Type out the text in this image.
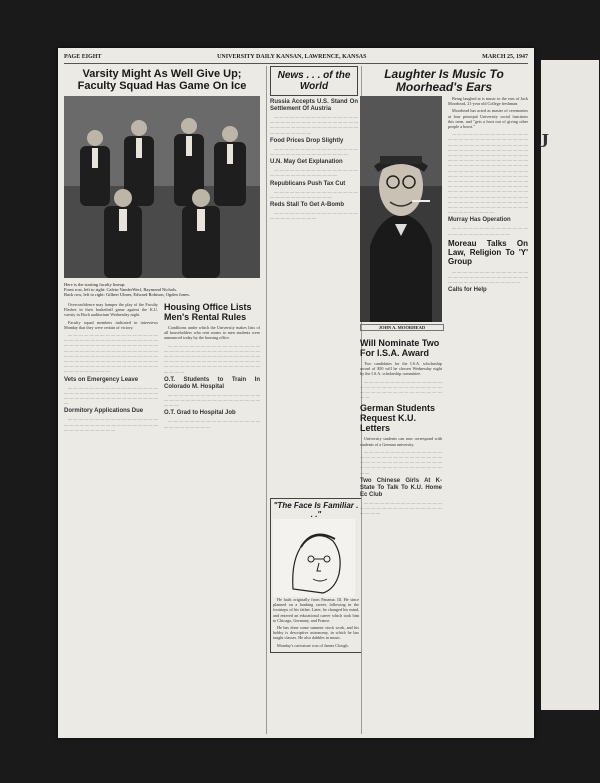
J
PAGE EIGHT	UNIVERSITY DAILY KANSAN, LAWRENCE, KANSAS	MARCH 25, 1947
Varsity Might As Well Give Up; Faculty Squad Has Game On Ice
Here is the starting faculty lineup:
Front row, left to right: Calvin VanderWerf, Raymond Nichols.
Back row, left to right: Gilbert Ulmer, Edward Robison, Ogden Jones.

Overconfidence may hamper the play of the Faculty Flashes in their basketball game against the K.U. varsity in Hoch auditorium Wednesday night.

Faculty squad members indicated in interviews Monday that they were certain of victory.

— — — — — — — — — — — — — — — — — — — — — — — — — — — — — — — — — — — — — — — — — — — — — — — — — — — — — — — — — — — — — — — — — — — — — — — — — — — — — — — — — — — — — — — — — — — — — — — — — — — — — — — — — — — — — — — — — — — — — — — — — — — — — — — — — — — — — —

Vets on Emergency Leave

— — — — — — — — — — — — — — — — — — — — — — — — — — — — — — — — — — — — — — — — — — — — — — — — — — — — — —

Dormitory Applications Due

— — — — — — — — — — — — — — — — — — — — — — — — — — — — — — — — — — — — — — — — — — — — —

Housing Office Lists Men's Rental Rules

Conditions under which the University makes lists of all householders who rent rooms to men students were announced today by the housing office.

— — — — — — — — — — — — — — — — — — — — — — — — — — — — — — — — — — — — — — — — — — — — — — — — — — — — — — — — — — — — — — — — — — — — — — — — — — — — — — — — — — — — — — — — — — — — —

O.T. Students to Train In Colorado M. Hospital

— — — — — — — — — — — — — — — — — — — — — — — — — — — — — — — — — — — — — —

O.T. Grad to Hospital Job

— — — — — — — — — — — — — — — — — — — — — — — — — —

News . . . of the World
Russia Accepts U.S. Stand On Settlement Of Austria

— — — — — — — — — — — — — — — — — — — — — — — — — — — — — — — — — — — — — — — — — — — — — — — — — — — — — — — — — —

Food Prices Drop Slightly

— — — — — — — — — — — — — — — — — — — — — — — — — — — — — — —

U.N. May Get Explanation

— — — — — — — — — — — — — — — — — — — — — — — — — — — — —

Republicans Push Tax Cut

— — — — — — — — — — — — — — — — — — — — — — — — — — — —

Reds Stall To Get A-Bomb

— — — — — — — — — — — — — — — — — — — — — — — — —

"The Face Is Familiar . . ."

He hails originally from Panama. Ill. He since planned on a banking career, following in the footsteps of his father. Later, he changed his mind, and entered an educational career which took him to Chicago, Germany, and France.

He has done some summer stock work, and his hobby is descriptive astronomy, in which he has taught classes. He also dabbles in music.

Monday's caricature was of James Clough.

Laughter Is Music To Moorhead's Ears
JOHN A. MOORHEAD

Being laughed at is music to the ears of Jack Moorhead, 21-year old College freshman.

Moorhead has acted as master of ceremonies at four principal University social functions this term, and "gets a boot out of giving other people a boost."

— — — — — — — — — — — — — — — — — — — — — — — — — — — — — — — — — — — — — — — — — — — — — — — — — — — — — — — — — — — — — — — — — — — — — — — — — — — — — — — — — — — — — — — — — — — — — — — — — — — — — — — — — — — — — — — — — — — — — — — — — — — — — — — — — — — — — — — — — — — — — — — — — — — — — — — — — — — — — — — — — — — — — — — — — — — — — — — — — — — — — — — — — — — — — — — — — — — — — — — — — — — — — — — — — — — — — — — — — — — — — — — — — — — — — — — — —

Murray Has Operation

— — — — — — — — — — — — — — — — — — — — — — — — — —

Moreau Talks On Law, Religion To 'Y' Group

— — — — — — — — — — — — — — — — — — — — — — — — — — — — — — — — — — — — — — — — — — —

Calls for Help
Will Nominate Two For I.S.A. Award

Two candidates for the I.S.A. scholarship award of $50 will be chosen Wednesday night by the I.S.A. scholarship committee.

— — — — — — — — — — — — — — — — — — — — — — — — — — — — — — — — — — — — — — — — — — — — — — —

German Students Request K.U. Letters

University students can now correspond with students of a German university.

— — — — — — — — — — — — — — — — — — — — — — — — — — — — — — — — — — — — — — — — — — — — — — — — — — — — — — — — — — — — — —

Two Chinese Girls At K-State To Talk To K.U. Home Ec Club

— — — — — — — — — — — — — — — — — — — — — — — — — — — — — — — — — —
